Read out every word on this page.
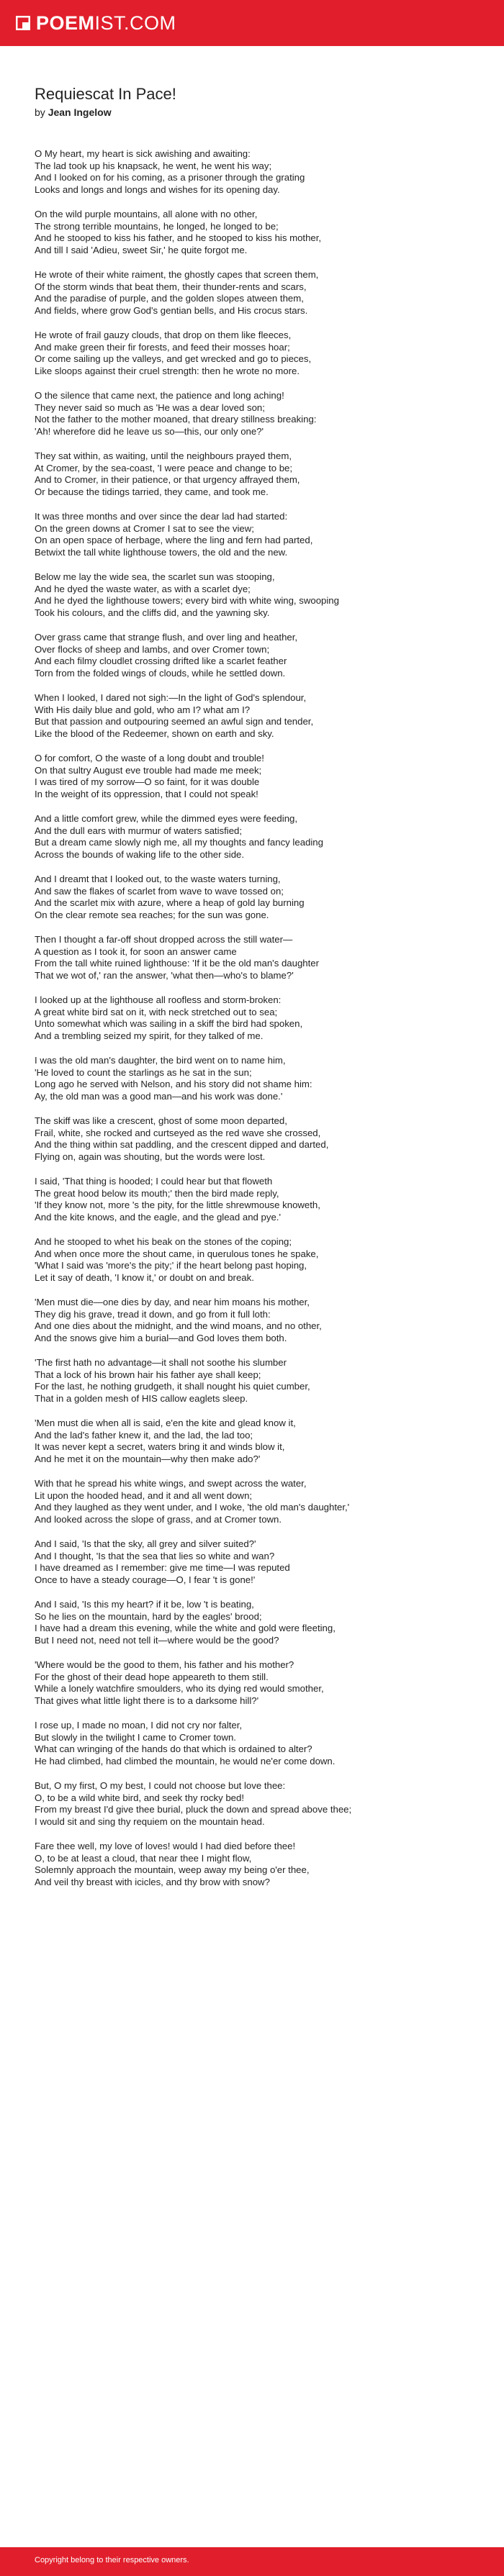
POEM IST.COM
Requiescat In Pace!
by Jean Ingelow
O My heart, my heart is sick awishing and awaiting:
The lad took up his knapsack, he went, he went his way;
And I looked on for his coming, as a prisoner through the grating
Looks and longs and longs and wishes for its opening day.
On the wild purple mountains, all alone with no other,
The strong terrible mountains, he longed, he longed to be;
And he stooped to kiss his father, and he stooped to kiss his mother,
And till I said 'Adieu, sweet Sir,' he quite forgot me.
He wrote of their white raiment, the ghostly capes that screen them,
Of the storm winds that beat them, their thunder-rents and scars,
And the paradise of purple, and the golden slopes atween them,
And fields, where grow God's gentian bells, and His crocus stars.
He wrote of frail gauzy clouds, that drop on them like fleeces,
And make green their fir forests, and feed their mosses hoar;
Or come sailing up the valleys, and get wrecked and go to pieces,
Like sloops against their cruel strength: then he wrote no more.
O the silence that came next, the patience and long aching!
They never said so much as 'He was a dear loved son;
Not the father to the mother moaned, that dreary stillness breaking:
'Ah! wherefore did he leave us so—this, our only one?'
They sat within, as waiting, until the neighbours prayed them,
At Cromer, by the sea-coast, 'I were peace and change to be;
And to Cromer, in their patience, or that urgency affrayed them,
Or because the tidings tarried, they came, and took me.
It was three months and over since the dear lad had started:
On the green downs at Cromer I sat to see the view;
On an open space of herbage, where the ling and fern had parted,
Betwixt the tall white lighthouse towers, the old and the new.
Below me lay the wide sea, the scarlet sun was stooping,
And he dyed the waste water, as with a scarlet dye;
And he dyed the lighthouse towers; every bird with white wing, swooping
Took his colours, and the cliffs did, and the yawning sky.
Over grass came that strange flush, and over ling and heather,
Over flocks of sheep and lambs, and over Cromer town;
And each filmy cloudlet crossing drifted like a scarlet feather
Torn from the folded wings of clouds, while he settled down.
When I looked, I dared not sigh:—In the light of God's splendour,
With His daily blue and gold, who am I? what am I?
But that passion and outpouring seemed an awful sign and tender,
Like the blood of the Redeemer, shown on earth and sky.
O for comfort, O the waste of a long doubt and trouble!
On that sultry August eve trouble had made me meek;
I was tired of my sorrow—O so faint, for it was double
In the weight of its oppression, that I could not speak!
And a little comfort grew, while the dimmed eyes were feeding,
And the dull ears with murmur of waters satisfied;
But a dream came slowly nigh me, all my thoughts and fancy leading
Across the bounds of waking life to the other side.
And I dreamt that I looked out, to the waste waters turning,
And saw the flakes of scarlet from wave to wave tossed on;
And the scarlet mix with azure, where a heap of gold lay burning
On the clear remote sea reaches; for the sun was gone.
Then I thought a far-off shout dropped across the still water—
A question as I took it, for soon an answer came
From the tall white ruined lighthouse: 'If it be the old man's daughter
That we wot of,' ran the answer, 'what then—who's to blame?'
I looked up at the lighthouse all roofless and storm-broken:
A great white bird sat on it, with neck stretched out to sea;
Unto somewhat which was sailing in a skiff the bird had spoken,
And a trembling seized my spirit, for they talked of me.
I was the old man's daughter, the bird went on to name him,
'He loved to count the starlings as he sat in the sun;
Long ago he served with Nelson, and his story did not shame him:
Ay, the old man was a good man—and his work was done.'
The skiff was like a crescent, ghost of some moon departed,
Frail, white, she rocked and curtseyed as the red wave she crossed,
And the thing within sat paddling, and the crescent dipped and darted,
Flying on, again was shouting, but the words were lost.
I said, 'That thing is hooded; I could hear but that floweth
The great hood below its mouth;' then the bird made reply,
'If they know not, more 's the pity, for the little shrewmouse knoweth,
And the kite knows, and the eagle, and the glead and pye.'
And he stooped to whet his beak on the stones of the coping;
And when once more the shout came, in querulous tones he spake,
'What I said was 'more's the pity;' if the heart belong past hoping,
Let it say of death, 'I know it,' or doubt on and break.
'Men must die—one dies by day, and near him moans his mother,
They dig his grave, tread it down, and go from it full loth:
And one dies about the midnight, and the wind moans, and no other,
And the snows give him a burial—and God loves them both.
'The first hath no advantage—it shall not soothe his slumber
That a lock of his brown hair his father aye shall keep;
For the last, he nothing grudgeth, it shall nought his quiet cumber,
That in a golden mesh of HIS callow eaglets sleep.
'Men must die when all is said, e'en the kite and glead know it,
And the lad's father knew it, and the lad, the lad too;
It was never kept a secret, waters bring it and winds blow it,
And he met it on the mountain—why then make ado?'
With that he spread his white wings, and swept across the water,
Lit upon the hooded head, and it and all went down;
And they laughed as they went under, and I woke, 'the old man's daughter,'
And looked across the slope of grass, and at Cromer town.
And I said, 'Is that the sky, all grey and silver suited?'
And I thought, 'Is that the sea that lies so white and wan?
I have dreamed as I remember: give me time—I was reputed
Once to have a steady courage—O, I fear 't is gone!'
And I said, 'Is this my heart? if it be, low 't is beating,
So he lies on the mountain, hard by the eagles' brood;
I have had a dream this evening, while the white and gold were fleeting,
But I need not, need not tell it—where would be the good?
'Where would be the good to them, his father and his mother?
For the ghost of their dead hope appeareth to them still.
While a lonely watchfire smoulders, who its dying red would smother,
That gives what little light there is to a darksome hill?'
I rose up, I made no moan, I did not cry nor falter,
But slowly in the twilight I came to Cromer town.
What can wringing of the hands do that which is ordained to alter?
He had climbed, had climbed the mountain, he would ne'er come down.
But, O my first, O my best, I could not choose but love thee:
O, to be a wild white bird, and seek thy rocky bed!
From my breast I'd give thee burial, pluck the down and spread above thee;
I would sit and sing thy requiem on the mountain head.
Fare thee well, my love of loves! would I had died before thee!
O, to be at least a cloud, that near thee I might flow,
Solemnly approach the mountain, weep away my being o'er thee,
And veil thy breast with icicles, and thy brow with snow?
Copyright belong to their respective owners.
